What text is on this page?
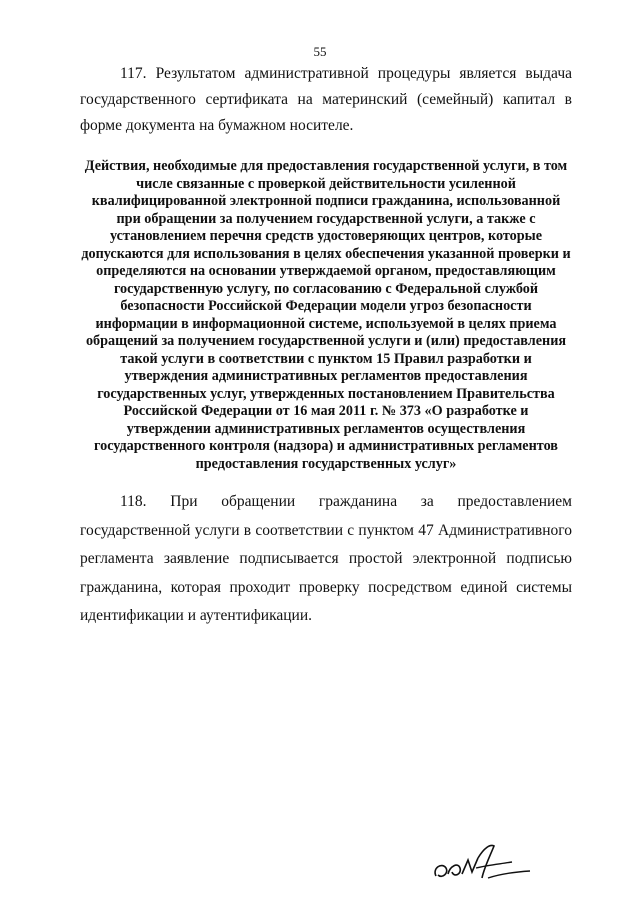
55

117. Результатом административной процедуры является выдача государственного сертификата на материнский (семейный) капитал в форме документа на бумажном носителе.

Действия, необходимые для предоставления государственной услуги, в том числе связанные с проверкой действительности усиленной квалифицированной электронной подписи гражданина, использованной при обращении за получением государственной услуги, а также с установлением перечня средств удостоверяющих центров, которые допускаются для использования в целях обеспечения указанной проверки и определяются на основании утверждаемой органом, предоставляющим государственную услугу, по согласованию с Федеральной службой безопасности Российской Федерации модели угроз безопасности информации в информационной системе, используемой в целях приема обращений за получением государственной услуги и (или) предоставления такой услуги в соответствии с пунктом 15 Правил разработки и утверждения административных регламентов предоставления государственных услуг, утвержденных постановлением Правительства Российской Федерации от 16 мая 2011 г. № 373 «О разработке и утверждении административных регламентов осуществления государственного контроля (надзора) и административных регламентов предоставления государственных услуг»

118. При обращении гражданина за предоставлением государственной услуги в соответствии с пунктом 47 Административного регламента заявление подписывается простой электронной подписью гражданина, которая проходит проверку посредством единой системы идентификации и аутентификации.
